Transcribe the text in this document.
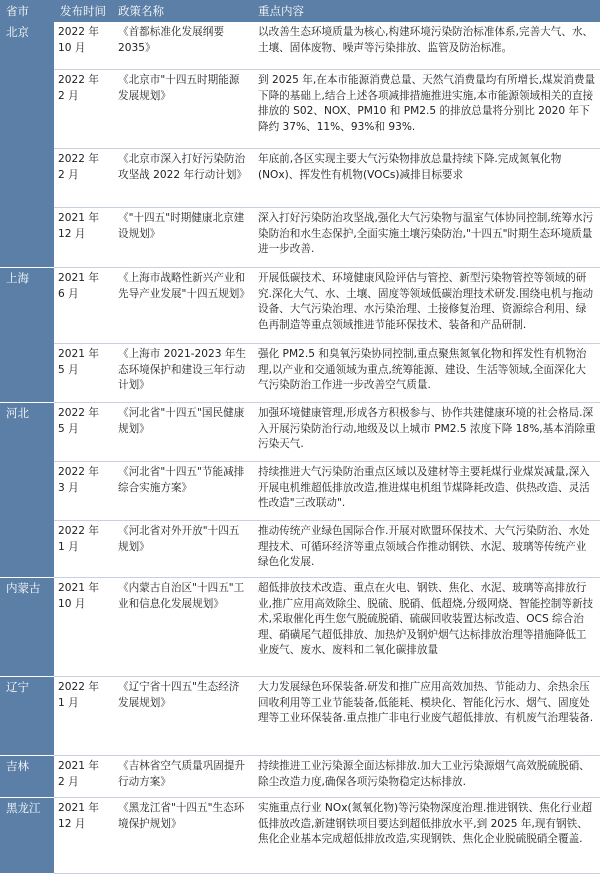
省市	发布时间	政策名称	重点内容
北京	2022 年 10 月	《首都标准化发展纲要 2035》	以改善生态环境质量为核心,构建环境污染防治标准体系,完善大气、水、土壤、固体废物、噪声等污染排放、监管及防治标准。
	2022 年 2 月	《北京市"十四五时期能源发展规划》	到 2025 年,在本市能源消费总量、天然气消费量均有所增长,煤炭消费量下降的基础上,结合上述各项减排措施推进实施,本市能源领域相关的直接排放的 S02、NOX、PM10 和 PM2.5 的排放总量将分别比 2020 年下降约 37%、11%、93%和 93%.
	2022 年 2 月	《北京市深入打好污染防治攻坚战 2022 年行动计划》	年底前,各区实现主要大气污染物排放总量持续下降.完成氮氧化物(NOx)、挥发性有机物(VOCs)减排目标要求
	2021 年 12 月	《"十四五"时期健康北京建设规划》	深入打好污染防治攻坚战,强化大气污染物与温室气体协同控制,统筹水污染防治和水生态保护,全面实施土壤污染防治,"十四五"时期生态环境质量进一步改善.
上海	2021 年 6 月	《上海市战略性新兴产业和先导产业发展"十四五规划》	开展低碳技术、环境健康风险评估与管控、新型污染物管控等领域的研究.深化大气、水、土壤、固度等领域低碳治理技术研发.围绕电机与拖动设备、大气污染治理、水污染治理、土接修复治理、资源综合利用、绿色再制造等重点领域推进节能环保技术、装备和产品研制.
	2021 年 5 月	《上海市 2021-2023 年生态环境保护和建设三年行动计划》	强化 PM2.5 和臭氧污染协同控制,重点聚焦氮氧化物和挥发性有机物治理,以产业和交通领域为重点,统筹能源、建设、生活等领域,全面深化大气污染防治工作进一步改善空气质量.
河北	2022 年 5 月	《河北省"十四五"国民健康规划》	加强环境健康管理,形成各方积极参与、协作共建健康环境的社会格局.深入开展污染防治行动,地级及以上城市 PM2.5 浓度下降 18%,基本消除重污染天气.
	2022 年 3 月	《河北省"十四五"节能减排综合实施方案》	持续推进大气污染防治重点区域以及建材等主要耗煤行业煤炭减量,深入开展电机维超低排放改造,推进煤电机组节煤降耗改造、供热改造、灵活性改造"三改联动".
	2022 年 1 月	《河北省对外开放"十四五规划》	推动传统产业绿色国际合作.开展对欧盟环保技术、大气污染防治、水处理技术、可循环经济等重点领域合作推动钢铁、水泥、玻璃等传统产业绿色化发展.
内蒙古	2021 年 10 月	《内蒙古自治区"十四五"工业和信息化发展规划》	超低排放技术改造、重点在火电、钢铁、焦化、水泥、玻璃等高排放行业,推广应用高效除尘、脱硫、脱硝、低超烧,分级网烧、智能控制等新技术,采取催化再生您气脱硫脱硝、硫碳回收装置达标改造、OCS 综合治理、硝磺尾气超低排放、加热炉及钢炉烟气达标排放治理等措施降低工业废气、废水、废料和二氧化碳排放量
辽宁	2022 年 1 月	《辽宁省十四五"生态经济发展规划》	大力发展绿色环保装备.研发和推广应用高效加热、节能动力、余热余压回收利用等工业节能装备,低能耗、模块化、智能化污水、烟气、固度处理等工业环保装备.重点推广非电行业废气超低排放、有机废气治理装备.
吉林	2021 年 2 月	《吉林省空气质量巩固提升行动方案》	持续推进工业污染源全面达标排放.加大工业污染源烟气高效脱硫脱硝、除尘改造力度,确保各项污染物稳定达标排放.
黑龙江	2021 年 12 月	《黑龙江省"十四五"生态环境保护规划》	实施重点行业 NOx(氮氧化物)等污染物深度治理.推进钢铁、焦化行业超低排放改造,新建钢铁项目要达到超低排放水平,到 2025 年,现有钢铁、焦化企业基本完成超低排放改造,实现钢铁、焦化企业脱硫脱硝全覆盖.
